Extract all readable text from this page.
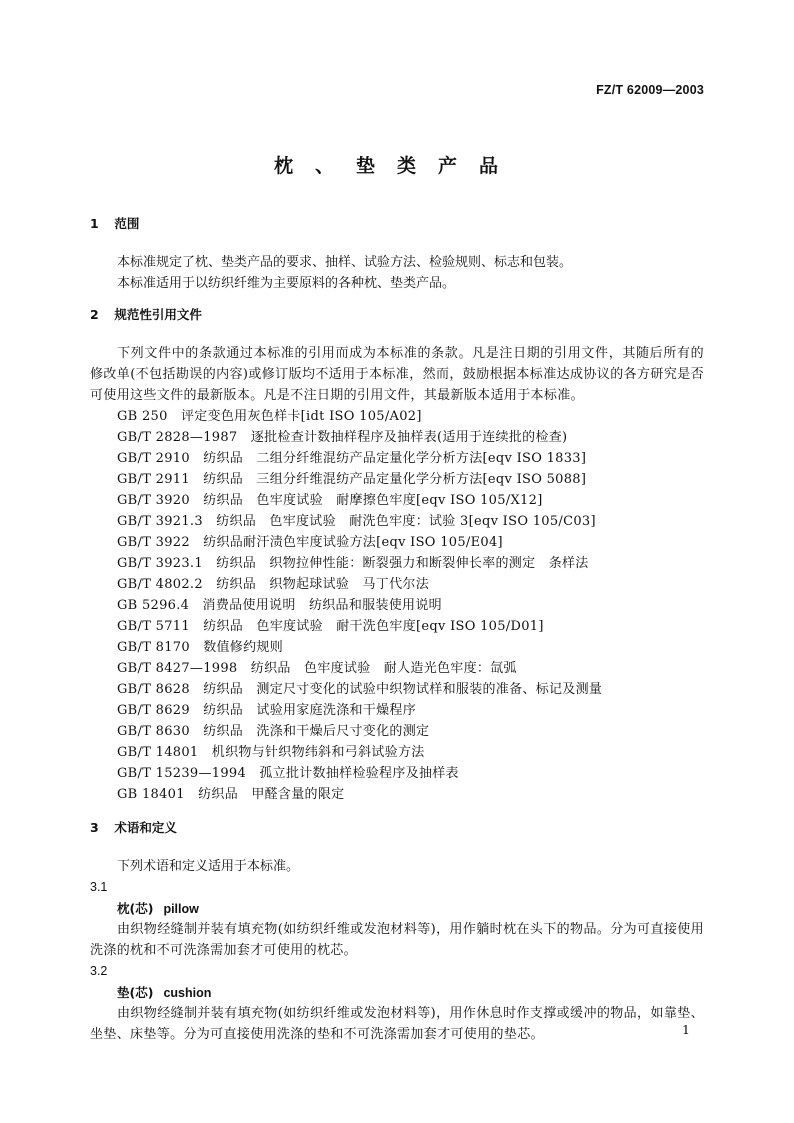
FZ/T 62009—2003
枕、垫类产品
1 范围
本标准规定了枕、垫类产品的要求、抽样、试验方法、检验规则、标志和包装。
本标准适用于以纺织纤维为主要原料的各种枕、垫类产品。
2 规范性引用文件
下列文件中的条款通过本标准的引用而成为本标准的条款。凡是注日期的引用文件，其随后所有的修改单(不包括勘误的内容)或修订版均不适用于本标准，然而，鼓励根据本标准达成协议的各方研究是否可使用这些文件的最新版本。凡是不注日期的引用文件，其最新版本适用于本标准。
GB 250　评定变色用灰色样卡[idt ISO 105/A02]
GB/T 2828—1987　逐批检查计数抽样程序及抽样表(适用于连续批的检查)
GB/T 2910　纺织品　二组分纤维混纺产品定量化学分析方法[eqv ISO 1833]
GB/T 2911　纺织品　三组分纤维混纺产品定量化学分析方法[eqv ISO 5088]
GB/T 3920　纺织品　色牢度试验　耐摩擦色牢度[eqv ISO 105/X12]
GB/T 3921.3　纺织品　色牢度试验　耐洗色牢度：试验 3[eqv ISO 105/C03]
GB/T 3922　纺织品耐汗渍色牢度试验方法[eqv ISO 105/E04]
GB/T 3923.1　纺织品　织物拉伸性能：断裂强力和断裂伸长率的测定　条样法
GB/T 4802.2　纺织品　织物起球试验　马丁代尔法
GB 5296.4　消费品使用说明　纺织品和服装使用说明
GB/T 5711　纺织品　色牢度试验　耐干洗色牢度[eqv ISO 105/D01]
GB/T 8170　数值修约规则
GB/T 8427—1998　纺织品　色牢度试验　耐人造光色牢度：氙弧
GB/T 8628　纺织品　测定尺寸变化的试验中织物试样和服装的准备、标记及测量
GB/T 8629　纺织品　试验用家庭洗涤和干燥程序
GB/T 8630　纺织品　洗涤和干燥后尺寸变化的测定
GB/T 14801　机织物与针织物纬斜和弓斜试验方法
GB/T 15239—1994　孤立批计数抽样检验程序及抽样表
GB 18401　纺织品　甲醛含量的限定
3 术语和定义
下列术语和定义适用于本标准。
3.1
枕(芯) pillow
由织物经缝制并装有填充物(如纺织纤维或发泡材料等)，用作躺时枕在头下的物品。分为可直接使用洗涤的枕和不可洗涤需加套才可使用的枕芯。
3.2
垫(芯) cushion
由织物经缝制并装有填充物(如纺织纤维或发泡材料等)，用作休息时作支撑或缓冲的物品，如靠垫、坐垫、床垫等。分为可直接使用洗涤的垫和不可洗涤需加套才可使用的垫芯。	1
